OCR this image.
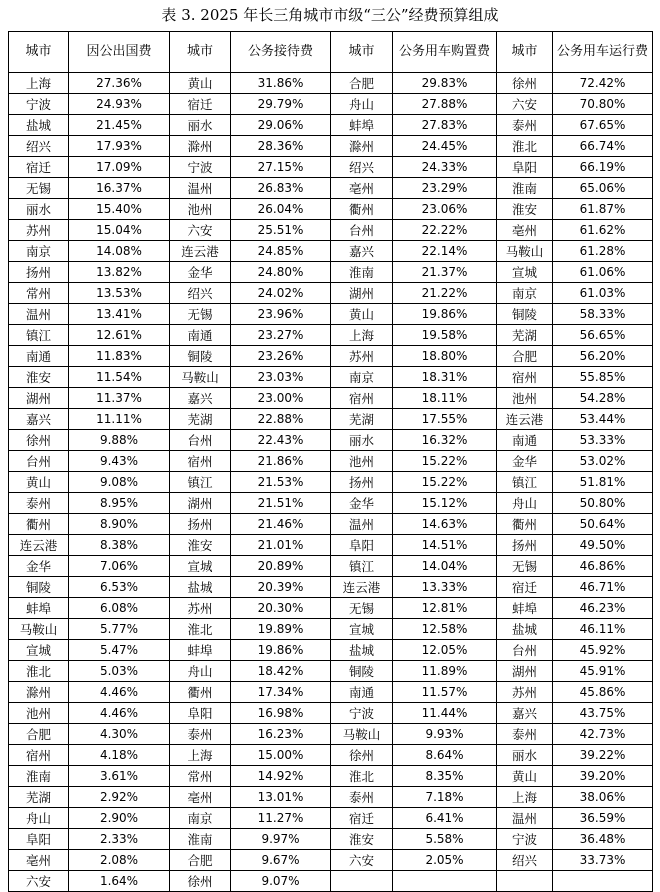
表 3. 2025 年长三角城市市级“三公”经费预算组成
城市	因公出国费	城市	公务接待费	城市	公务用车购置费	城市	公务用车运行费
上海	27.36%	黄山	31.86%	合肥	29.83%	徐州	72.42%
宁波	24.93%	宿迁	29.79%	舟山	27.88%	六安	70.80%
盐城	21.45%	丽水	29.06%	蚌埠	27.83%	泰州	67.65%
绍兴	17.93%	滁州	28.36%	滁州	24.45%	淮北	66.74%
宿迁	17.09%	宁波	27.15%	绍兴	24.33%	阜阳	66.19%
无锡	16.37%	温州	26.83%	亳州	23.29%	淮南	65.06%
丽水	15.40%	池州	26.04%	衢州	23.06%	淮安	61.87%
苏州	15.04%	六安	25.51%	台州	22.22%	亳州	61.62%
南京	14.08%	连云港	24.85%	嘉兴	22.14%	马鞍山	61.28%
扬州	13.82%	金华	24.80%	淮南	21.37%	宣城	61.06%
常州	13.53%	绍兴	24.02%	湖州	21.22%	南京	61.03%
温州	13.41%	无锡	23.96%	黄山	19.86%	铜陵	58.33%
镇江	12.61%	南通	23.27%	上海	19.58%	芜湖	56.65%
南通	11.83%	铜陵	23.26%	苏州	18.80%	合肥	56.20%
淮安	11.54%	马鞍山	23.03%	南京	18.31%	宿州	55.85%
湖州	11.37%	嘉兴	23.00%	宿州	18.11%	池州	54.28%
嘉兴	11.11%	芜湖	22.88%	芜湖	17.55%	连云港	53.44%
徐州	9.88%	台州	22.43%	丽水	16.32%	南通	53.33%
台州	9.43%	宿州	21.86%	池州	15.22%	金华	53.02%
黄山	9.08%	镇江	21.53%	扬州	15.22%	镇江	51.81%
泰州	8.95%	湖州	21.51%	金华	15.12%	舟山	50.80%
衢州	8.90%	扬州	21.46%	温州	14.63%	衢州	50.64%
连云港	8.38%	淮安	21.01%	阜阳	14.51%	扬州	49.50%
金华	7.06%	宣城	20.89%	镇江	14.04%	无锡	46.86%
铜陵	6.53%	盐城	20.39%	连云港	13.33%	宿迁	46.71%
蚌埠	6.08%	苏州	20.30%	无锡	12.81%	蚌埠	46.23%
马鞍山	5.77%	淮北	19.89%	宣城	12.58%	盐城	46.11%
宣城	5.47%	蚌埠	19.86%	盐城	12.05%	台州	45.92%
淮北	5.03%	舟山	18.42%	铜陵	11.89%	湖州	45.91%
滁州	4.46%	衢州	17.34%	南通	11.57%	苏州	45.86%
池州	4.46%	阜阳	16.98%	宁波	11.44%	嘉兴	43.75%
合肥	4.30%	泰州	16.23%	马鞍山	9.93%	泰州	42.73%
宿州	4.18%	上海	15.00%	徐州	8.64%	丽水	39.22%
淮南	3.61%	常州	14.92%	淮北	8.35%	黄山	39.20%
芜湖	2.92%	亳州	13.01%	泰州	7.18%	上海	38.06%
舟山	2.90%	南京	11.27%	宿迁	6.41%	温州	36.59%
阜阳	2.33%	淮南	9.97%	淮安	5.58%	宁波	36.48%
亳州	2.08%	合肥	9.67%	六安	2.05%	绍兴	33.73%
六安	1.64%	徐州	9.07%				
